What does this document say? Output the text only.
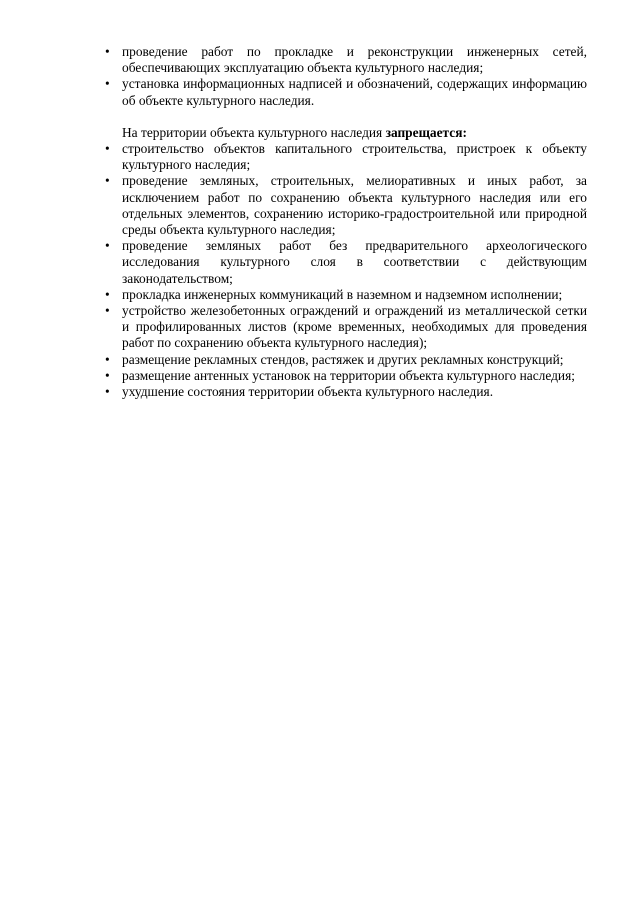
• проведение работ по прокладке и реконструкции инженерных сетей, обеспечивающих эксплуатацию объекта культурного наследия;
• установка информационных надписей и обозначений, содержащих информацию об объекте культурного наследия.

На территории объекта культурного наследия запрещается:

• строительство объектов капитального строительства, пристроек к объекту культурного наследия;
• проведение земляных, строительных, мелиоративных и иных работ, за исключением работ по сохранению объекта культурного наследия или его отдельных элементов, сохранению историко-градостроительной или природной среды объекта культурного наследия;
• проведение земляных работ без предварительного археологического исследования культурного слоя в соответствии с действующим законодательством;
• прокладка инженерных коммуникаций в наземном и надземном исполнении;
• устройство железобетонных ограждений и ограждений из металлической сетки и профилированных листов (кроме временных, необходимых для проведения работ по сохранению объекта культурного наследия);
• размещение рекламных стендов, растяжек и других рекламных конструкций;
• размещение антенных установок на территории объекта культурного наследия;
• ухудшение состояния территории объекта культурного наследия.
